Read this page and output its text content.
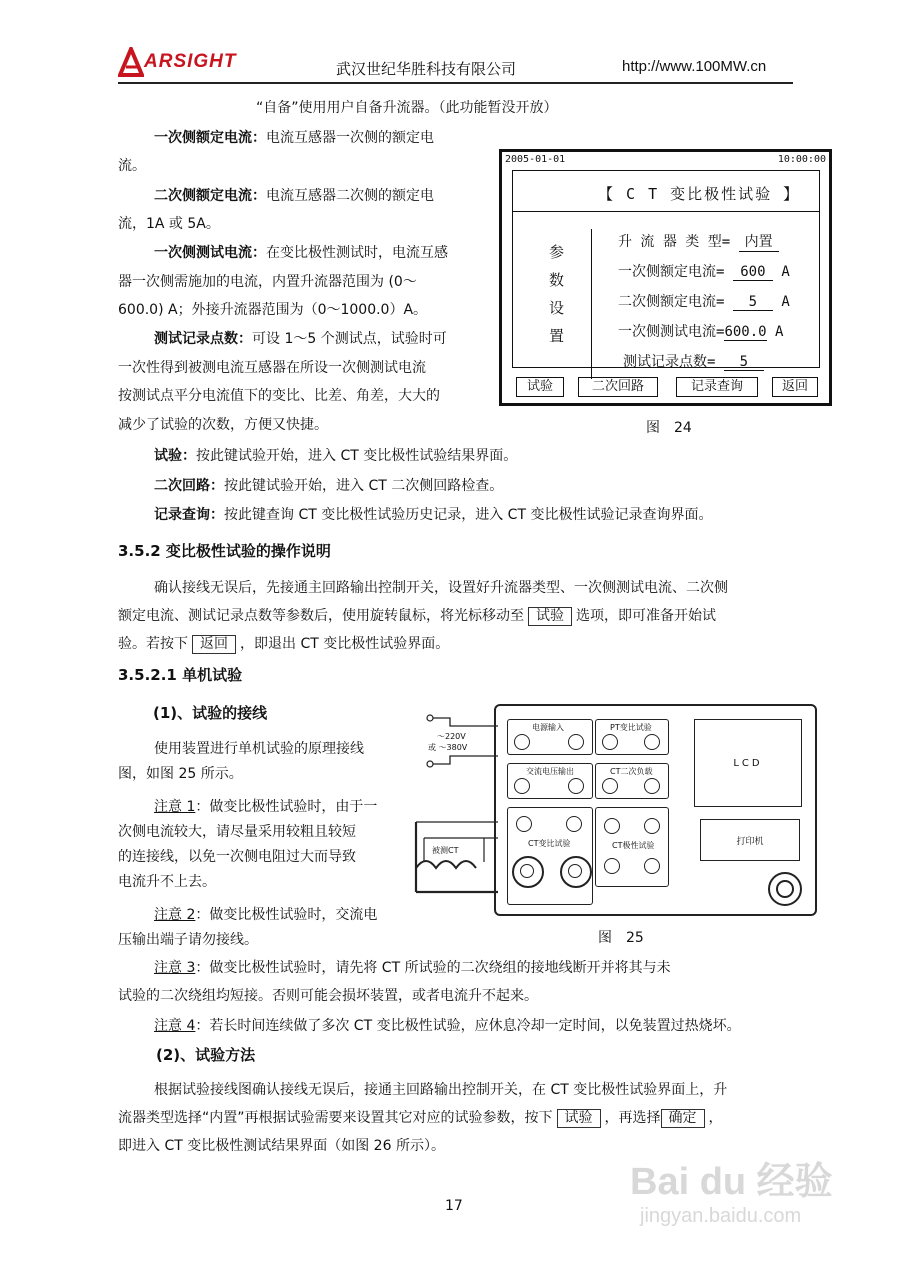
ARSIGHT	武汉世纪华胜科技有限公司	http://www.100MW.cn
“自备”使用用户自备升流器。（此功能暂没开放）
一次侧额定电流：电流互感器一次侧的额定电
流。
二次侧额定电流：电流互感器二次侧的额定电
流，1A 或 5A。
一次侧测试电流：在变比极性测试时，电流互感
器一次侧需施加的电流，内置升流器范围为 (0～
600.0) A；外接升流器范围为（0～1000.0）A。
测试记录点数：可设 1～5 个测试点，试验时可
一次性得到被测电流互感器在所设一次侧测试电流
按测试点平分电流值下的变比、比差、角差，大大的
减少了试验的次数，方便又快捷。
2005-01-01	10:00:00
【 C T 变比极性试验 】
参
数
设
置
升 流 器 类 型= 内置
一次侧额定电流= 600 A
二次侧额定电流= 5 A
一次侧测试电流=600.0 A
测试记录点数= 5
试验	二次回路	记录查询	返回
图　24
试验：按此键试验开始，进入 CT 变比极性试验结果界面。
二次回路：按此键试验开始，进入 CT 二次侧回路检查。
记录查询：按此键查询 CT 变比极性试验历史记录，进入 CT 变比极性试验记录查询界面。
3.5.2 变比极性试验的操作说明
确认接线无误后，先接通主回路输出控制开关，设置好升流器类型、一次侧测试电流、二次侧
额定电流、测试记录点数等参数后，使用旋转鼠标，将光标移动至 试验 选项，即可准备开始试
验。若按下 返回 ，即退出 CT 变比极性试验界面。
3.5.2.1 单机试验
(1)、试验的接线
使用装置进行单机试验的原理接线
图，如图 25 所示。
注意 1：做变比极性试验时，由于一
次侧电流较大，请尽量采用较粗且较短
的连接线，以免一次侧电阻过大而导致
电流升不上去。
注意 2：做变比极性试验时，交流电
压输出端子请勿接线。
～220V
或 ～380V
被测CT
电源输入	PT变比试验
交流电压输出	CT二次负载
CT变比试验	CT极性试验
LCD
打印机
图　25
注意 3：做变比极性试验时，请先将 CT 所试验的二次绕组的接地线断开并将其与未
试验的二次绕组均短接。否则可能会损坏装置，或者电流升不起来。
注意 4：若长时间连续做了多次 CT 变比极性试验，应休息冷却一定时间，以免装置过热烧坏。
(2)、试验方法
根据试验接线图确认接线无误后，接通主回路输出控制开关，在 CT 变比极性试验界面上，升
流器类型选择“内置”再根据试验需要来设置其它对应的试验参数，按下 试验 ，再选择 确定 ，
即进入 CT 变比极性测试结果界面（如图 26 所示）。
17
Bai du 经验
jingyan.baidu.com
